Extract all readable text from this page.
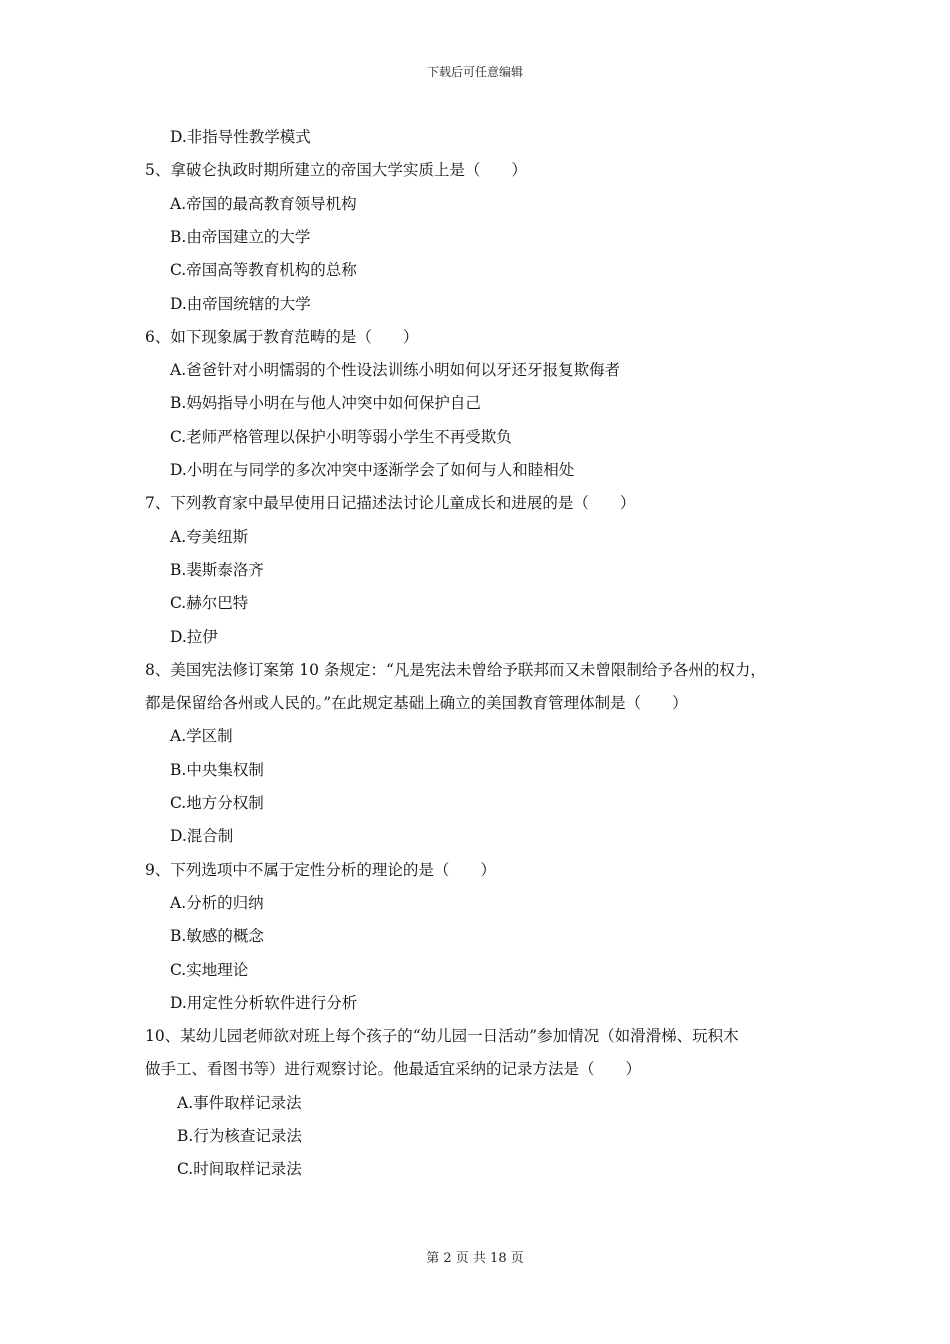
下载后可任意编辑
D.非指导性教学模式
5、拿破仑执政时期所建立的帝国大学实质上是（　　）
A.帝国的最高教育领导机构
B.由帝国建立的大学
C.帝国高等教育机构的总称
D.由帝国统辖的大学
6、如下现象属于教育范畴的是（　　）
A.爸爸针对小明懦弱的个性设法训练小明如何以牙还牙报复欺侮者
B.妈妈指导小明在与他人冲突中如何保护自己
C.老师严格管理以保护小明等弱小学生不再受欺负
D.小明在与同学的多次冲突中逐渐学会了如何与人和睦相处
7、下列教育家中最早使用日记描述法讨论儿童成长和进展的是（　　）
A.夸美纽斯
B.裴斯泰洛齐
C.赫尔巴特
D.拉伊
8、美国宪法修订案第 10 条规定：“凡是宪法未曾给予联邦而又未曾限制给予各州的权力，
都是保留给各州或人民的。”在此规定基础上确立的美国教育管理体制是（　　）
A.学区制
B.中央集权制
C.地方分权制
D.混合制
9、下列选项中不属于定性分析的理论的是（　　）
A.分析的归纳
B.敏感的概念
C.实地理论
D.用定性分析软件进行分析
10、某幼儿园老师欲对班上每个孩子的“幼儿园一日活动”参加情况（如滑滑梯、玩积木
做手工、看图书等）进行观察讨论。他最适宜采纳的记录方法是（　　）
A.事件取样记录法
B.行为核查记录法
C.时间取样记录法
第 2 页 共 18 页
